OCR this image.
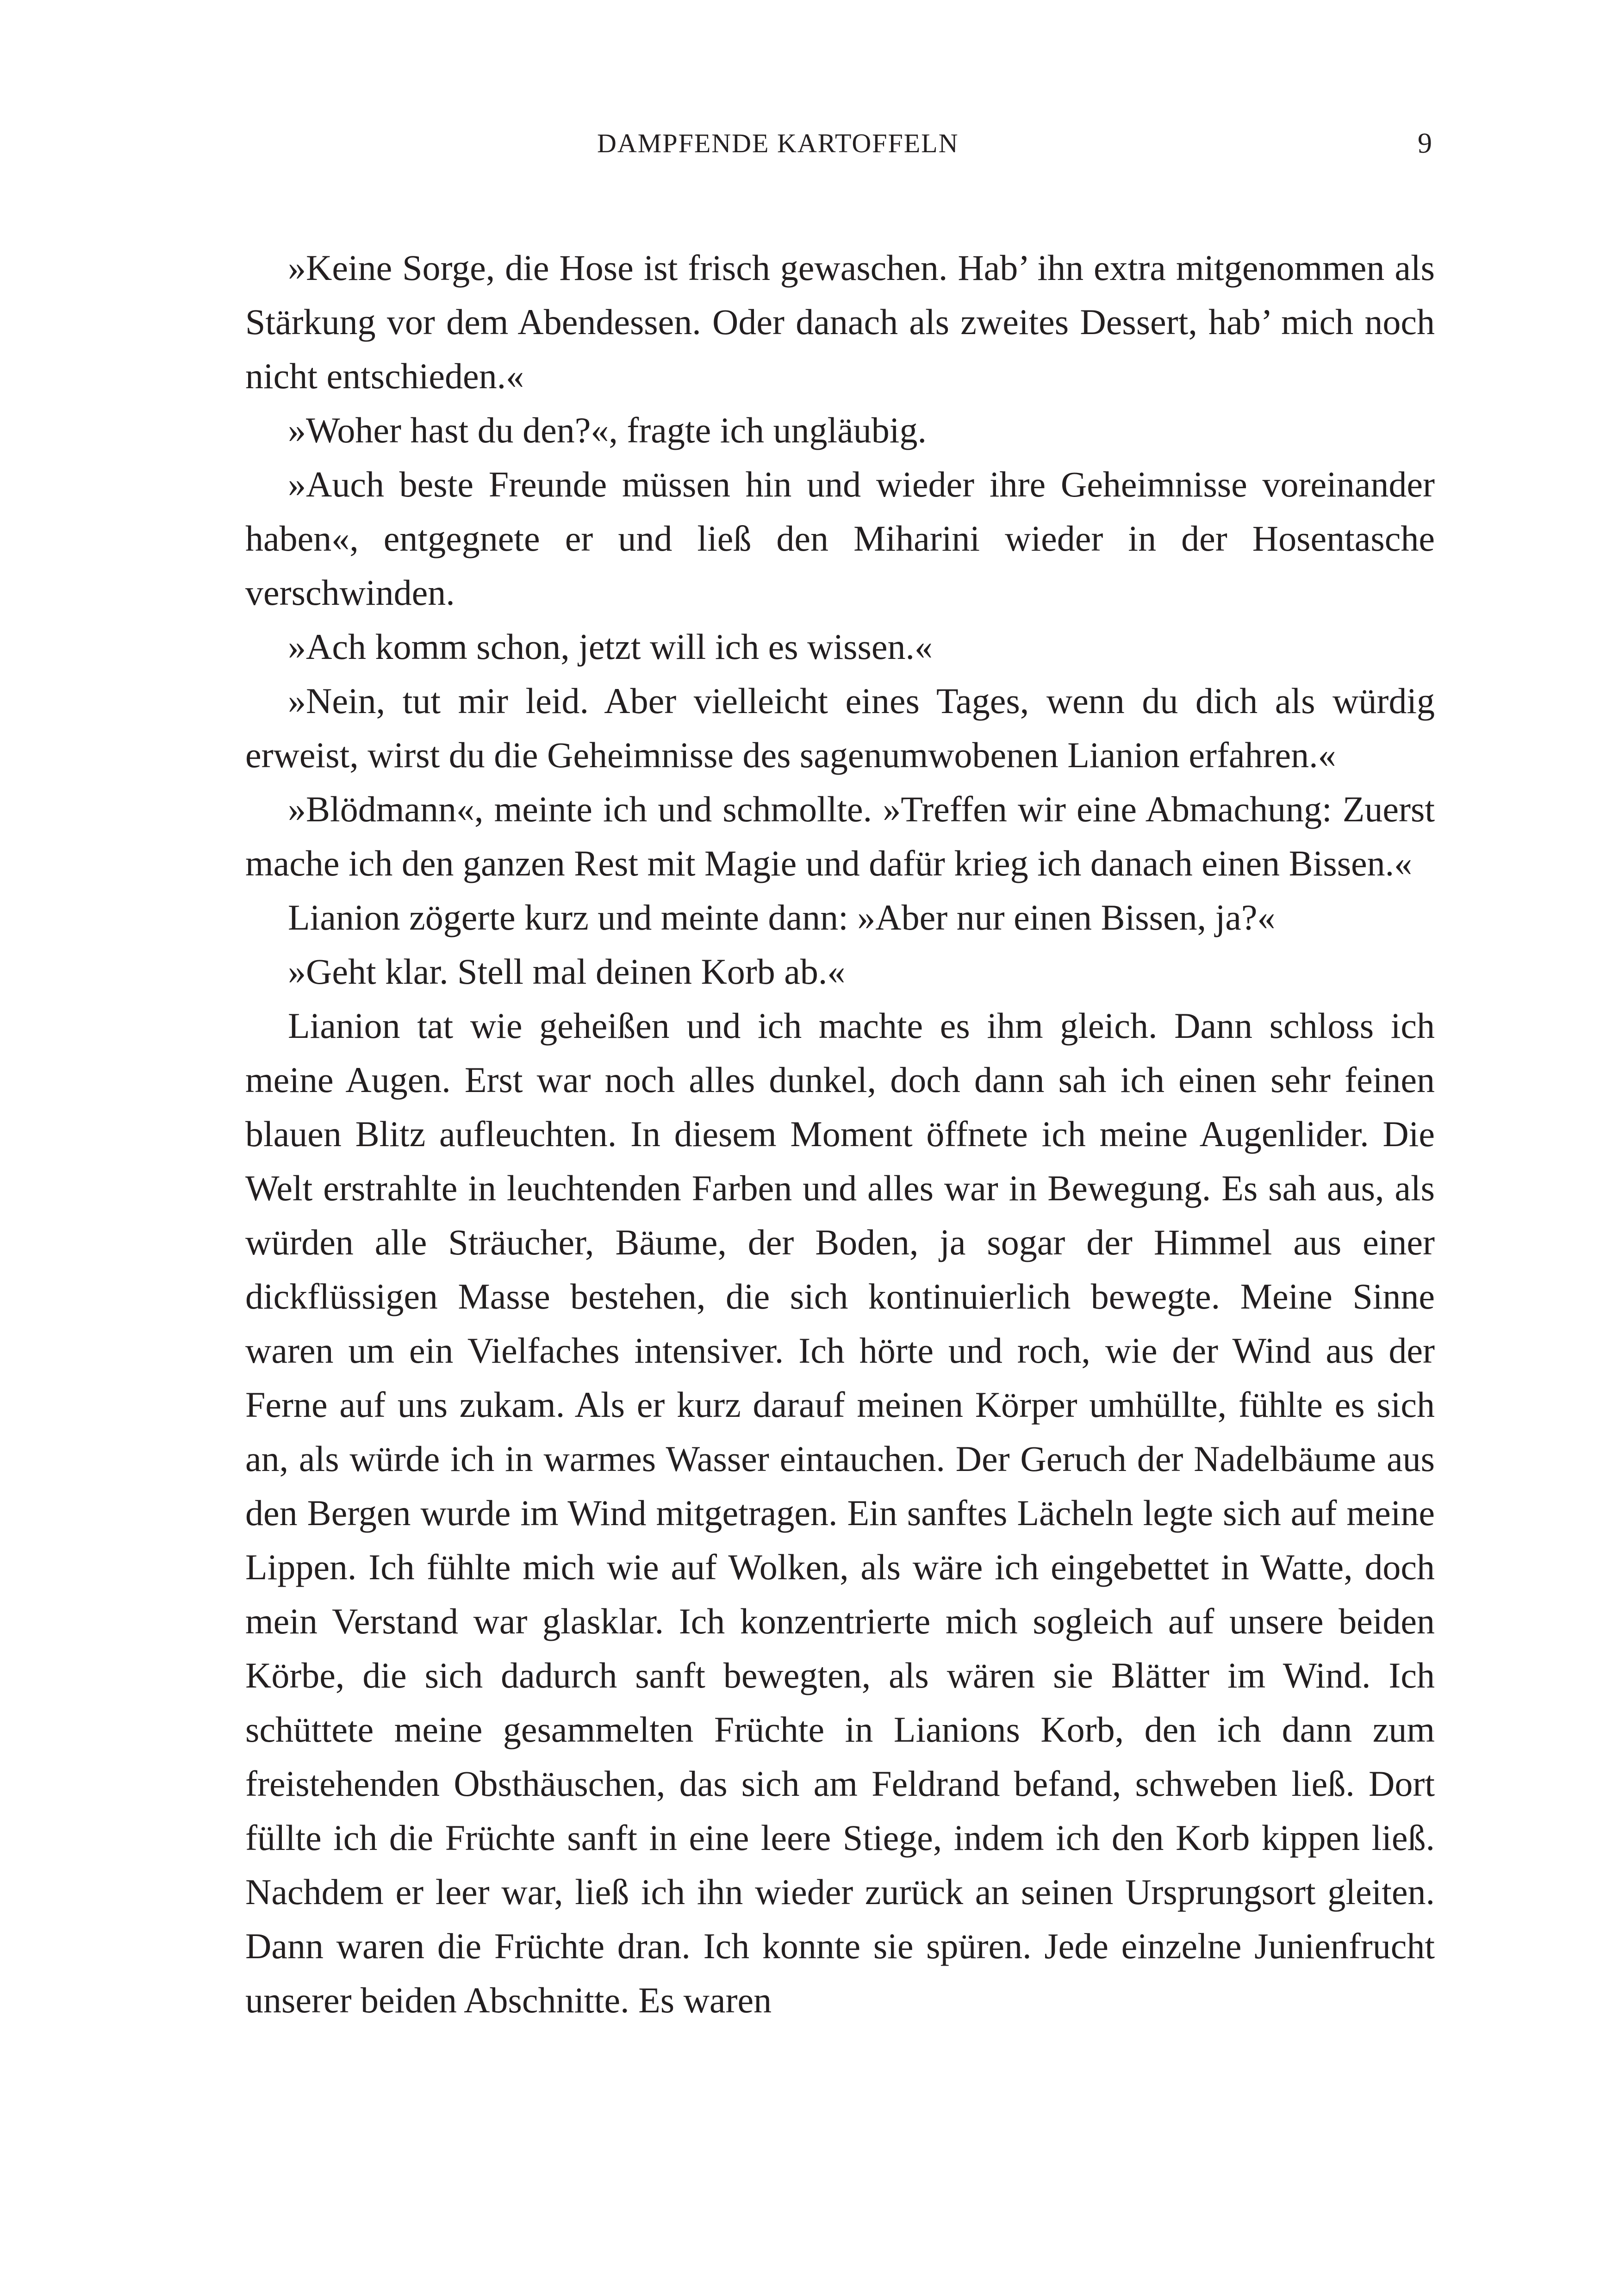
DAMPFENDE KARTOFFELN	9

»Keine Sorge, die Hose ist frisch gewaschen. Hab’ ihn extra mitgenommen als Stärkung vor dem Abendessen. Oder danach als zweites Dessert, hab’ mich noch nicht entschieden.«

»Woher hast du den?«, fragte ich ungläubig.

»Auch beste Freunde müssen hin und wieder ihre Geheimnisse voreinander haben«, entgegnete er und ließ den Miharini wieder in der Hosentasche verschwinden.

»Ach komm schon, jetzt will ich es wissen.«

»Nein, tut mir leid. Aber vielleicht eines Tages, wenn du dich als würdig erweist, wirst du die Geheimnisse des sagenumwobenen Lianion erfahren.«

»Blödmann«, meinte ich und schmollte. »Treffen wir eine Abmachung: Zuerst mache ich den ganzen Rest mit Magie und dafür krieg ich danach einen Bissen.«

Lianion zögerte kurz und meinte dann: »Aber nur einen Bissen, ja?«

»Geht klar. Stell mal deinen Korb ab.«

Lianion tat wie geheißen und ich machte es ihm gleich. Dann schloss ich meine Augen. Erst war noch alles dunkel, doch dann sah ich einen sehr feinen blauen Blitz aufleuchten. In diesem Moment öffnete ich meine Augenlider. Die Welt erstrahlte in leuchtenden Farben und alles war in Bewegung. Es sah aus, als würden alle Sträucher, Bäume, der Boden, ja sogar der Himmel aus einer dickflüssigen Masse bestehen, die sich kontinuierlich bewegte. Meine Sinne waren um ein Vielfaches intensiver. Ich hörte und roch, wie der Wind aus der Ferne auf uns zukam. Als er kurz darauf meinen Körper umhüllte, fühlte es sich an, als würde ich in warmes Wasser eintauchen. Der Geruch der Nadelbäume aus den Bergen wurde im Wind mitgetragen. Ein sanftes Lächeln legte sich auf meine Lippen. Ich fühlte mich wie auf Wolken, als wäre ich eingebettet in Watte, doch mein Verstand war glasklar. Ich konzentrierte mich sogleich auf unsere beiden Körbe, die sich dadurch sanft bewegten, als wären sie Blätter im Wind. Ich schüttete meine gesammelten Früchte in Lianions Korb, den ich dann zum freistehenden Obsthäuschen, das sich am Feldrand befand, schweben ließ. Dort füllte ich die Früchte sanft in eine leere Stiege, indem ich den Korb kippen ließ. Nachdem er leer war, ließ ich ihn wieder zurück an seinen Ursprungsort gleiten. Dann waren die Früchte dran. Ich konnte sie spüren. Jede einzelne Junienfrucht unserer beiden Abschnitte. Es waren
